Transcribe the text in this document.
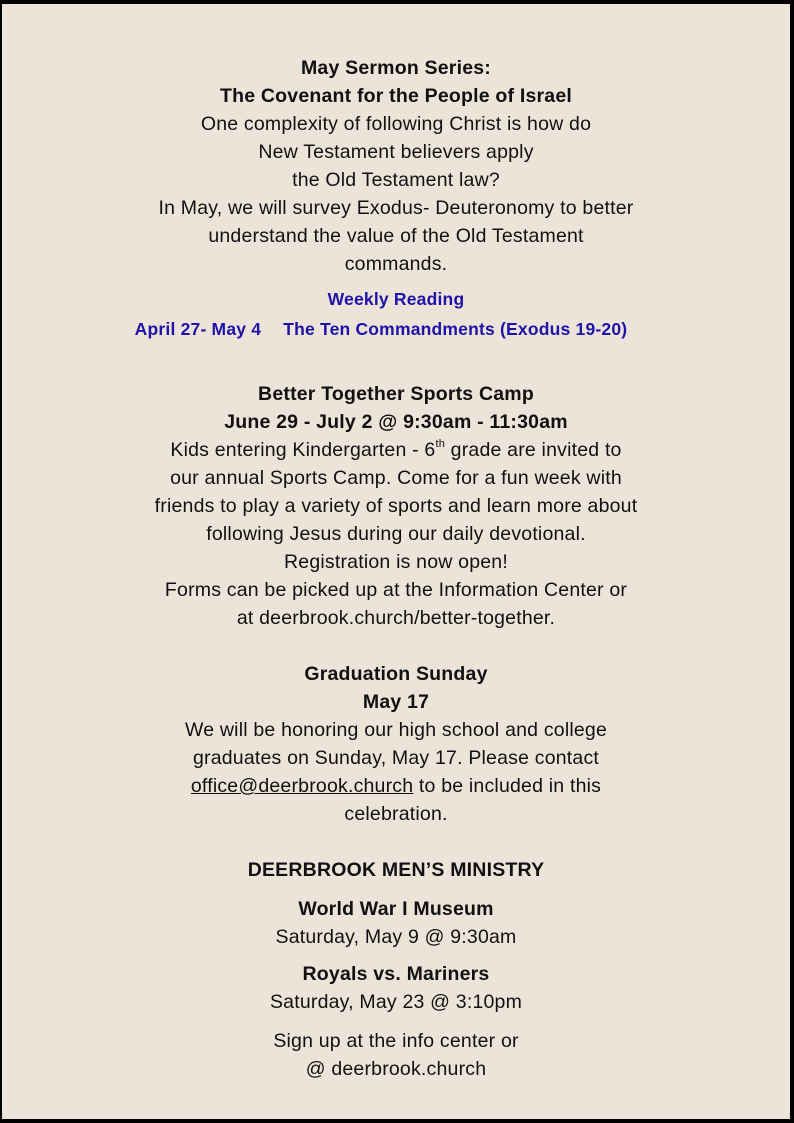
May Sermon Series:
The Covenant for the People of Israel
One complexity of following Christ is how do
New Testament believers apply
the Old Testament law?
In May, we will survey Exodus- Deuteronomy to better
understand the value of the Old Testament
commands.
Weekly Reading
April 27- May 4 The Ten Commandments (Exodus 19-20)
Better Together Sports Camp
June 29 - July 2 @ 9:30am - 11:30am
Kids entering Kindergarten - 6th grade are invited to
our annual Sports Camp. Come for a fun week with
friends to play a variety of sports and learn more about
following Jesus during our daily devotional.
Registration is now open!
Forms can be picked up at the Information Center or
at deerbrook.church/better-together.
Graduation Sunday
May 17
We will be honoring our high school and college
graduates on Sunday, May 17. Please contact
office@deerbrook.church to be included in this
celebration.
DEERBROOK MEN’S MINISTRY
World War I Museum
Saturday, May 9 @ 9:30am
Royals vs. Mariners
Saturday, May 23 @ 3:10pm
Sign up at the info center or
@ deerbrook.church
